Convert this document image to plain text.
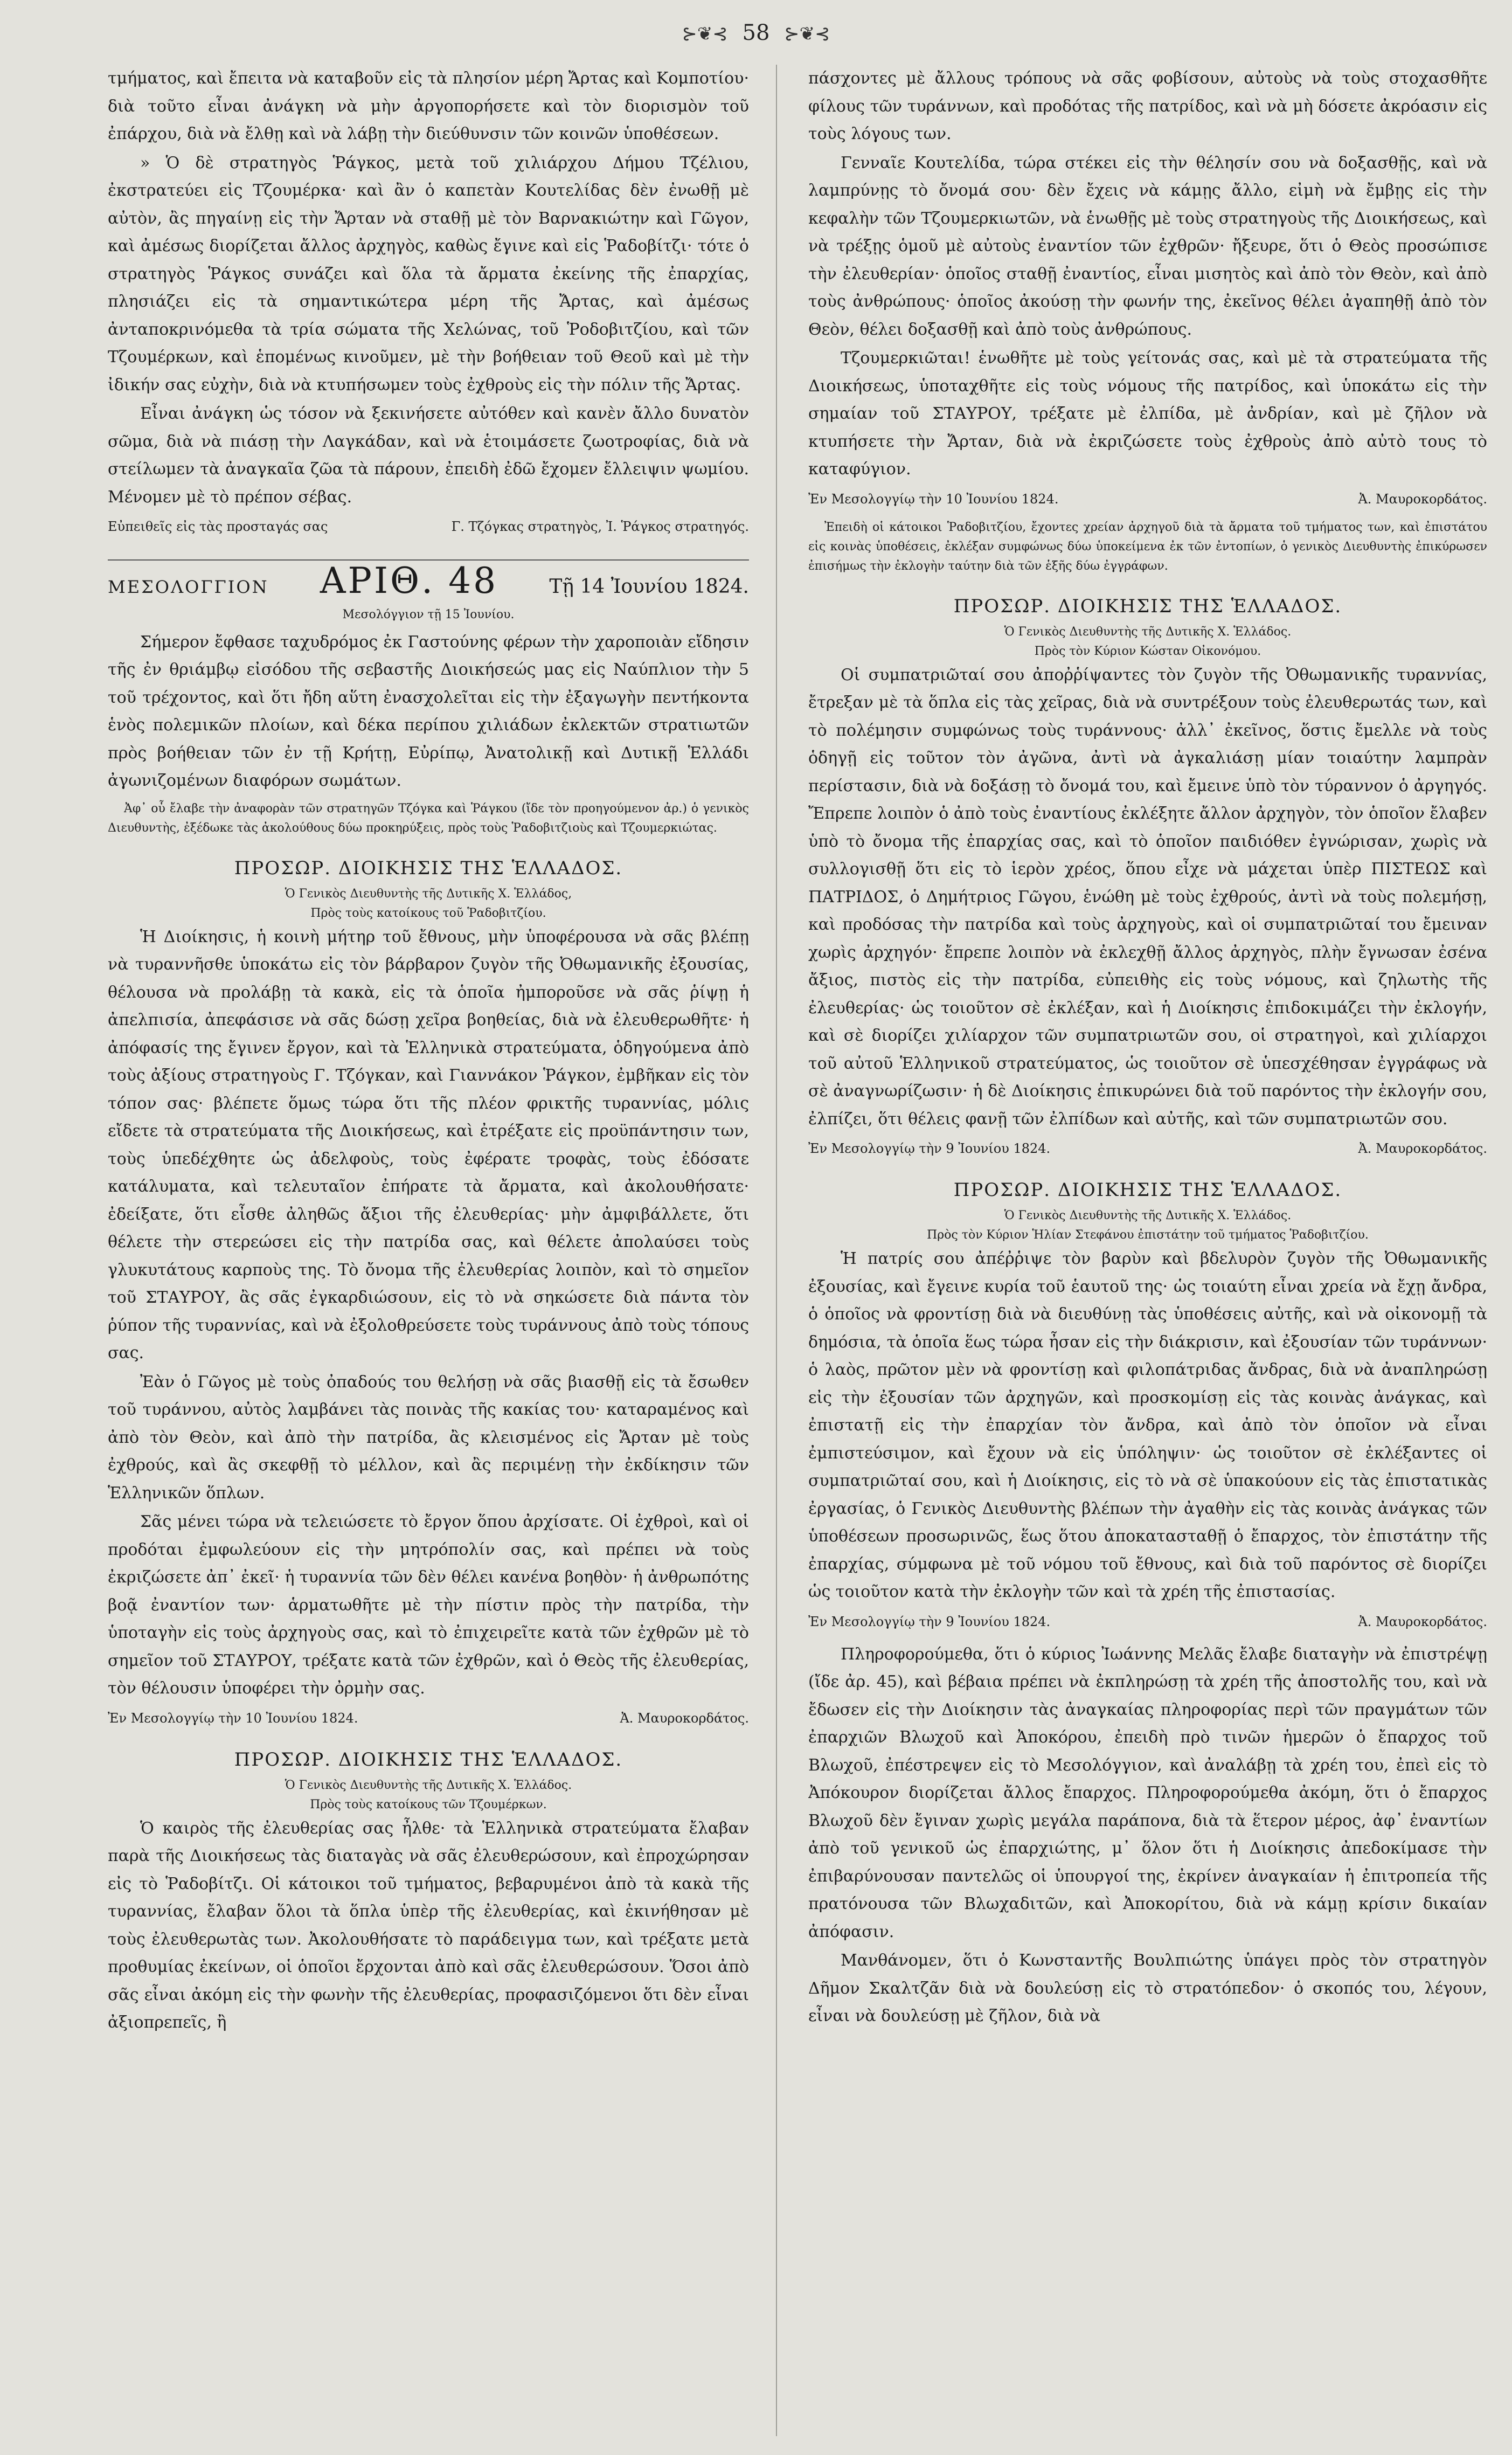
⊱❦⊰ 58 ⊱❦⊰

τμήματος, καὶ ἔπειτα νὰ καταβοῦν εἰς τὰ πλησίον μέρη Ἄρτας καὶ Κομποτίου· διὰ τοῦτο εἶναι ἀνάγκη νὰ μὴν ἀργοπορήσετε καὶ τὸν διορισμὸν τοῦ ἐπάρχου, διὰ νὰ ἔλθῃ καὶ νὰ λάβῃ τὴν διεύθυνσιν τῶν κοινῶν ὑποθέσεων.

» Ὁ δὲ στρατηγὸς Ῥάγκος, μετὰ τοῦ χιλιάρχου Δήμου Τζέλιου, ἐκστρατεύει εἰς Τζουμέρκα· καὶ ἂν ὁ καπετὰν Κουτελίδας δὲν ἐνωθῇ μὲ αὐτὸν, ἂς πηγαίνῃ εἰς τὴν Ἄρταν νὰ σταθῇ μὲ τὸν Βαρνακιώτην καὶ Γῶγον, καὶ ἀμέσως διορίζεται ἄλλος ἀρχηγὸς, καθὼς ἔγινε καὶ εἰς Ῥαδοβίτζι· τότε ὁ στρατηγὸς Ῥάγκος συνάζει καὶ ὅλα τὰ ἄρματα ἐκείνης τῆς ἐπαρχίας, πλησιάζει εἰς τὰ σημαντικώτερα μέρη τῆς Ἄρτας, καὶ ἀμέσως ἀνταποκρινόμεθα τὰ τρία σώματα τῆς Χελώνας, τοῦ Ῥοδοβιτζίου, καὶ τῶν Τζουμέρκων, καὶ ἑπομένως κινοῦμεν, μὲ τὴν βοήθειαν τοῦ Θεοῦ καὶ μὲ τὴν ἰδικήν σας εὐχὴν, διὰ νὰ κτυπήσωμεν τοὺς ἐχθροὺς εἰς τὴν πόλιν τῆς Ἄρτας.

Εἶναι ἀνάγκη ὡς τόσον νὰ ξεκινήσετε αὐτόθεν καὶ κανὲν ἄλλο δυνατὸν σῶμα, διὰ νὰ πιάσῃ τὴν Λαγκάδαν, καὶ νὰ ἑτοιμάσετε ζωοτροφίας, διὰ νὰ στείλωμεν τὰ ἀναγκαῖα ζῶα τὰ πάρουν, ἐπειδὴ ἐδῶ ἔχομεν ἔλλειψιν ψωμίου. Μένομεν μὲ τὸ πρέπον σέβας.

Εὐπειθεῖς εἰς τὰς προσταγάς σας	Γ. Τζόγκας στρατηγὸς, Ἰ. Ῥάγκος στρατηγός.
ΜΕΣΟΛΟΓΓΙΟΝ ΑΡΙΘ. 48	Τῇ 14 Ἰουνίου 1824.
Μεσολόγγιον τῇ 15 Ἰουνίου.

Σήμερον ἔφθασε ταχυδρόμος ἐκ Γαστούνης φέρων τὴν χαροποιὰν εἴδησιν τῆς ἐν θριάμβῳ εἰσόδου τῆς σεβαστῆς Διοικήσεώς μας εἰς Ναύπλιον τὴν 5 τοῦ τρέχοντος, καὶ ὅτι ἤδη αὕτη ἐνασχολεῖται εἰς τὴν ἐξαγωγὴν πεντήκοντα ἑνὸς πολεμικῶν πλοίων, καὶ δέκα περίπου χιλιάδων ἐκλεκτῶν στρατιωτῶν πρὸς βοήθειαν τῶν ἐν τῇ Κρήτῃ, Εὐρίπῳ, Ἀνατολικῇ καὶ Δυτικῇ Ἑλλάδι ἀγωνιζομένων διαφόρων σωμάτων.

Ἀφ᾽ οὗ ἔλαβε τὴν ἀναφορὰν τῶν στρατηγῶν Τζόγκα καὶ Ῥάγκου (ἴδε τὸν προηγούμενον ἀρ.) ὁ γενικὸς Διευθυντὴς, ἐξέδωκε τὰς ἀκολούθους δύω προκηρύξεις, πρὸς τοὺς Ῥαδοβιτζιοὺς καὶ Τζουμερκιώτας.
ΠΡΟΣΩΡ. ΔΙΟΙΚΗΣΙΣ ΤΗΣ ἙΛΛΑΔΟΣ.
Ὁ Γενικὸς Διευθυντὴς τῆς Δυτικῆς Χ. Ἑλλάδος,
Πρὸς τοὺς κατοίκους τοῦ Ῥαδοβιτζίου.

Ἡ Διοίκησις, ἡ κοινὴ μήτηρ τοῦ ἔθνους, μὴν ὑποφέρουσα νὰ σᾶς βλέπῃ νὰ τυραννῆσθε ὑποκάτω εἰς τὸν βάρβαρον ζυγὸν τῆς Ὀθωμανικῆς ἐξουσίας, θέλουσα νὰ προλάβῃ τὰ κακὰ, εἰς τὰ ὁποῖα ἠμποροῦσε νὰ σᾶς ῥίψῃ ἡ ἀπελπισία, ἀπεφάσισε νὰ σᾶς δώσῃ χεῖρα βοηθείας, διὰ νὰ ἐλευθερωθῆτε· ἡ ἀπόφασίς της ἔγινεν ἔργον, καὶ τὰ Ἑλληνικὰ στρατεύματα, ὁδηγούμενα ἀπὸ τοὺς ἀξίους στρατηγοὺς Γ. Τζόγκαν, καὶ Γιαννάκον Ῥάγκον, ἐμβῆκαν εἰς τὸν τόπον σας· βλέπετε ὅμως τώρα ὅτι τῆς πλέον φρικτῆς τυραννίας, μόλις εἴδετε τὰ στρατεύματα τῆς Διοικήσεως, καὶ ἐτρέξατε εἰς προϋπάντησιν των, τοὺς ὑπεδέχθητε ὡς ἀδελφοὺς, τοὺς ἐφέρατε τροφὰς, τοὺς ἐδόσατε κατάλυματα, καὶ τελευταῖον ἐπήρατε τὰ ἄρματα, καὶ ἀκολουθήσατε· ἐδείξατε, ὅτι εἶσθε ἀληθῶς ἄξιοι τῆς ἐλευθερίας· μὴν ἀμφιβάλλετε, ὅτι θέλετε τὴν στερεώσει εἰς τὴν πατρίδα σας, καὶ θέλετε ἀπολαύσει τοὺς γλυκυτάτους καρποὺς της. Τὸ ὄνομα τῆς ἐλευθερίας λοιπὸν, καὶ τὸ σημεῖον τοῦ ΣΤΑΥΡΟΥ, ἂς σᾶς ἐγκαρδιώσουν, εἰς τὸ νὰ σηκώσετε διὰ πάντα τὸν ῥύπον τῆς τυραννίας, καὶ νὰ ἐξολοθρεύσετε τοὺς τυράννους ἀπὸ τοὺς τόπους σας.

Ἐὰν ὁ Γῶγος μὲ τοὺς ὀπαδούς του θελήσῃ νὰ σᾶς βιασθῇ εἰς τὰ ἔσωθεν τοῦ τυράννου, αὐτὸς λαμβάνει τὰς ποινὰς τῆς κακίας του· καταραμένος καὶ ἀπὸ τὸν Θεὸν, καὶ ἀπὸ τὴν πατρίδα, ἂς κλεισμένος εἰς Ἄρταν μὲ τοὺς ἐχθρούς, καὶ ἂς σκεφθῇ τὸ μέλλον, καὶ ἂς περιμένῃ τὴν ἐκδίκησιν τῶν Ἑλληνικῶν ὅπλων.

Σᾶς μένει τώρα νὰ τελειώσετε τὸ ἔργον ὅπου ἀρχίσατε. Οἱ ἐχθροὶ, καὶ οἱ προδόται ἐμφωλεύουν εἰς τὴν μητρόπολίν σας, καὶ πρέπει νὰ τοὺς ἐκριζώσετε ἀπ᾽ ἐκεῖ· ἡ τυραννία τῶν δὲν θέλει κανένα βοηθὸν· ἡ ἀνθρωπότης βοᾷ ἐναντίον των· ἁρματωθῆτε μὲ τὴν πίστιν πρὸς τὴν πατρίδα, τὴν ὑποταγὴν εἰς τοὺς ἀρχηγοὺς σας, καὶ τὸ ἐπιχειρεῖτε κατὰ τῶν ἐχθρῶν μὲ τὸ σημεῖον τοῦ ΣΤΑΥΡΟΥ, τρέξατε κατὰ τῶν ἐχθρῶν, καὶ ὁ Θεὸς τῆς ἐλευθερίας, τὸν θέλουσιν ὑποφέρει τὴν ὀρμὴν σας.

Ἐν Μεσολογγίῳ τὴν 10 Ἰουνίου 1824.	Ἀ. Μαυροκορδάτος.
ΠΡΟΣΩΡ. ΔΙΟΙΚΗΣΙΣ ΤΗΣ ἙΛΛΑΔΟΣ.
Ὁ Γενικὸς Διευθυντὴς τῆς Δυτικῆς Χ. Ἑλλάδος.
Πρὸς τοὺς κατοίκους τῶν Τζουμέρκων.

Ὁ καιρὸς τῆς ἐλευθερίας σας ἦλθε· τὰ Ἑλληνικὰ στρατεύματα ἔλαβαν παρὰ τῆς Διοικήσεως τὰς διαταγὰς νὰ σᾶς ἐλευθερώσουν, καὶ ἐπροχώρησαν εἰς τὸ Ῥαδοβίτζι. Οἱ κάτοικοι τοῦ τμήματος, βεβαρυμένοι ἀπὸ τὰ κακὰ τῆς τυραννίας, ἔλαβαν ὅλοι τὰ ὅπλα ὑπὲρ τῆς ἐλευθερίας, καὶ ἐκινήθησαν μὲ τοὺς ἐλευθερωτὰς των. Ἀκολουθήσατε τὸ παράδειγμα των, καὶ τρέξατε μετὰ προθυμίας ἐκείνων, οἱ ὁποῖοι ἔρχονται ἀπὸ καὶ σᾶς ἐλευθερώσουν. Ὅσοι ἀπὸ σᾶς εἶναι ἀκόμη εἰς τὴν φωνὴν τῆς ἐλευθερίας, προφασιζόμενοι ὅτι δὲν εἶναι ἀξιοπρεπεῖς, ἢ

πάσχοντες μὲ ἄλλους τρόπους νὰ σᾶς φοβίσουν, αὐτοὺς νὰ τοὺς στοχασθῆτε φίλους τῶν τυράννων, καὶ προδότας τῆς πατρίδος, καὶ νὰ μὴ δόσετε ἀκρόασιν εἰς τοὺς λόγους των.

Γενναῖε Κουτελίδα, τώρα στέκει εἰς τὴν θέλησίν σου νὰ δοξασθῇς, καὶ νὰ λαμπρύνῃς τὸ ὄνομά σου· δὲν ἔχεις νὰ κάμῃς ἄλλο, εἰμὴ νὰ ἔμβῃς εἰς τὴν κεφαλὴν τῶν Τζουμερκιωτῶν, νὰ ἑνωθῇς μὲ τοὺς στρατηγοὺς τῆς Διοικήσεως, καὶ νὰ τρέξῃς ὁμοῦ μὲ αὐτοὺς ἐναντίον τῶν ἐχθρῶν· ἤξευρε, ὅτι ὁ Θεὸς προσώπισε τὴν ἐλευθερίαν· ὁποῖος σταθῇ ἐναντίος, εἶναι μισητὸς καὶ ἀπὸ τὸν Θεὸν, καὶ ἀπὸ τοὺς ἀνθρώπους· ὁποῖος ἀκούσῃ τὴν φωνήν της, ἐκεῖνος θέλει ἀγαπηθῇ ἀπὸ τὸν Θεὸν, θέλει δοξασθῇ καὶ ἀπὸ τοὺς ἀνθρώπους.

Τζουμερκιῶται! ἑνωθῆτε μὲ τοὺς γείτονάς σας, καὶ μὲ τὰ στρατεύματα τῆς Διοικήσεως, ὑποταχθῆτε εἰς τοὺς νόμους τῆς πατρίδος, καὶ ὑποκάτω εἰς τὴν σημαίαν τοῦ ΣΤΑΥΡΟΥ, τρέξατε μὲ ἐλπίδα, μὲ ἀνδρίαν, καὶ μὲ ζῆλον νὰ κτυπήσετε τὴν Ἄρταν, διὰ νὰ ἐκριζώσετε τοὺς ἐχθροὺς ἀπὸ αὐτὸ τους τὸ καταφύγιον.

Ἐν Μεσολογγίῳ τὴν 10 Ἰουνίου 1824.	Ἀ. Μαυροκορδάτος.
Ἐπειδὴ οἱ κάτοικοι Ῥαδοβιτζίου, ἔχοντες χρείαν ἀρχηγοῦ διὰ τὰ ἄρματα τοῦ τμήματος των, καὶ ἐπιστάτου εἰς κοινὰς ὑποθέσεις, ἐκλέξαν συμφώνως δύω ὑποκείμενα ἐκ τῶν ἐντοπίων, ὁ γενικὸς Διευθυντὴς ἐπικύρωσεν ἐπισήμως τὴν ἐκλογὴν ταύτην διὰ τῶν ἑξῆς δύω ἐγγράφων.
ΠΡΟΣΩΡ. ΔΙΟΙΚΗΣΙΣ ΤΗΣ ἙΛΛΑΔΟΣ.
Ὁ Γενικὸς Διευθυντὴς τῆς Δυτικῆς Χ. Ἑλλάδος.
Πρὸς τὸν Κύριον Κώσταν Οἰκονόμου.

Οἱ συμπατριῶταί σου ἀποῤῥίψαντες τὸν ζυγὸν τῆς Ὀθωμανικῆς τυραννίας, ἔτρεξαν μὲ τὰ ὅπλα εἰς τὰς χεῖρας, διὰ νὰ συντρέξουν τοὺς ἐλευθερωτάς των, καὶ τὸ πολέμησιν συμφώνως τοὺς τυράννους· ἀλλ᾽ ἐκεῖνος, ὅστις ἔμελλε νὰ τοὺς ὁδηγῇ εἰς τοῦτον τὸν ἀγῶνα, ἀντὶ νὰ ἀγκαλιάσῃ μίαν τοιαύτην λαμπρὰν περίστασιν, διὰ νὰ δοξάσῃ τὸ ὄνομά του, καὶ ἔμεινε ὑπὸ τὸν τύραννον ὁ ἀργηγός. Ἔπρεπε λοιπὸν ὁ ἀπὸ τοὺς ἐναντίους ἐκλέξητε ἄλλον ἀρχηγὸν, τὸν ὁποῖον ἔλαβεν ὑπὸ τὸ ὄνομα τῆς ἐπαρχίας σας, καὶ τὸ ὁποῖον παιδιόθεν ἐγνώρισαν, χωρὶς νὰ συλλογισθῇ ὅτι εἰς τὸ ἱερὸν χρέος, ὅπου εἶχε νὰ μάχεται ὑπὲρ ΠΙΣΤΕΩΣ καὶ ΠΑΤΡΙΔΟΣ, ὁ Δημήτριος Γῶγου, ἑνώθη μὲ τοὺς ἐχθρούς, ἀντὶ νὰ τοὺς πολεμήσῃ, καὶ προδόσας τὴν πατρίδα καὶ τοὺς ἀρχηγοὺς, καὶ οἱ συμπατριῶταί του ἔμειναν χωρὶς ἀρχηγόν· ἔπρεπε λοιπὸν νὰ ἐκλεχθῇ ἄλλος ἀρχηγὸς, πλὴν ἔγνωσαν ἐσένα ἄξιος, πιστὸς εἰς τὴν πατρίδα, εὐπειθὴς εἰς τοὺς νόμους, καὶ ζηλωτὴς τῆς ἐλευθερίας· ὡς τοιοῦτον σὲ ἐκλέξαν, καὶ ἡ Διοίκησις ἐπιδοκιμάζει τὴν ἐκλογήν, καὶ σὲ διορίζει χιλίαρχον τῶν συμπατριωτῶν σου, οἱ στρατηγοὶ, καὶ χιλίαρχοι τοῦ αὐτοῦ Ἑλληνικοῦ στρατεύματος, ὡς τοιοῦτον σὲ ὑπεσχέθησαν ἐγγράφως νὰ σὲ ἀναγνωρίζωσιν· ἡ δὲ Διοίκησις ἐπικυρώνει διὰ τοῦ παρόντος τὴν ἐκλογήν σου, ἐλπίζει, ὅτι θέλεις φανῇ τῶν ἐλπίδων καὶ αὐτῆς, καὶ τῶν συμπατριωτῶν σου.

Ἐν Μεσολογγίῳ τὴν 9 Ἰουνίου 1824.	Ἀ. Μαυροκορδάτος.
ΠΡΟΣΩΡ. ΔΙΟΙΚΗΣΙΣ ΤΗΣ ἙΛΛΑΔΟΣ.
Ὁ Γενικὸς Διευθυντὴς τῆς Δυτικῆς Χ. Ἑλλάδος.
Πρὸς τὸν Κύριον Ἡλίαν Στεφάνου ἐπιστάτην τοῦ τμήματος Ῥαδοβιτζίου.

Ἡ πατρίς σου ἀπέῤῥιψε τὸν βαρὺν καὶ βδελυρὸν ζυγὸν τῆς Ὀθωμανικῆς ἐξουσίας, καὶ ἔγεινε κυρία τοῦ ἑαυτοῦ της· ὡς τοιαύτη εἶναι χρεία νὰ ἔχῃ ἄνδρα, ὁ ὁποῖος νὰ φροντίσῃ διὰ νὰ διευθύνῃ τὰς ὑποθέσεις αὐτῆς, καὶ νὰ οἰκονομῇ τὰ δημόσια, τὰ ὁποῖα ἕως τώρα ἦσαν εἰς τὴν διάκρισιν, καὶ ἐξουσίαν τῶν τυράννων· ὁ λαὸς, πρῶτον μὲν νὰ φροντίσῃ καὶ φιλοπάτριδας ἄνδρας, διὰ νὰ ἀναπληρώσῃ εἰς τὴν ἐξουσίαν τῶν ἀρχηγῶν, καὶ προσκομίσῃ εἰς τὰς κοινὰς ἀνάγκας, καὶ ἐπιστατῇ εἰς τὴν ἐπαρχίαν τὸν ἄνδρα, καὶ ἀπὸ τὸν ὁποῖον νὰ εἶναι ἐμπιστεύσιμον, καὶ ἔχουν νὰ εἰς ὑπόληψιν· ὡς τοιοῦτον σὲ ἐκλέξαντες οἱ συμπατριῶταί σου, καὶ ἡ Διοίκησις, εἰς τὸ νὰ σὲ ὑπακούουν εἰς τὰς ἐπιστατικὰς ἐργασίας, ὁ Γενικὸς Διευθυντὴς βλέπων τὴν ἀγαθὴν εἰς τὰς κοινὰς ἀνάγκας τῶν ὑποθέσεων προσωρινῶς, ἕως ὅτου ἀποκατασταθῇ ὁ ἔπαρχος, τὸν ἐπιστάτην τῆς ἐπαρχίας, σύμφωνα μὲ τοῦ νόμου τοῦ ἔθνους, καὶ διὰ τοῦ παρόντος σὲ διορίζει ὡς τοιοῦτον κατὰ τὴν ἐκλογὴν τῶν καὶ τὰ χρέη τῆς ἐπιστασίας.

Ἐν Μεσολογγίῳ τὴν 9 Ἰουνίου 1824.	Ἀ. Μαυροκορδάτος.

Πληροφορούμεθα, ὅτι ὁ κύριος Ἰωάννης Μελᾶς ἔλαβε διαταγὴν νὰ ἐπιστρέψῃ (ἴδε ἀρ. 45), καὶ βέβαια πρέπει νὰ ἐκπληρώσῃ τὰ χρέη τῆς ἀποστολῆς του, καὶ νὰ ἔδωσεν εἰς τὴν Διοίκησιν τὰς ἀναγκαίας πληροφορίας περὶ τῶν πραγμάτων τῶν ἐπαρχιῶν Βλωχοῦ καὶ Ἀποκόρου, ἐπειδὴ πρὸ τινῶν ἡμερῶν ὁ ἔπαρχος τοῦ Βλωχοῦ, ἐπέστρεψεν εἰς τὸ Μεσολόγγιον, καὶ ἀναλάβῃ τὰ χρέη του, ἐπεὶ εἰς τὸ Ἀπόκουρον διορίζεται ἄλλος ἔπαρχος. Πληροφορούμεθα ἀκόμη, ὅτι ὁ ἔπαρχος Βλωχοῦ δὲν ἔγιναν χωρὶς μεγάλα παράπονα, διὰ τὰ ἕτερον μέρος, ἀφ᾽ ἐναντίων ἀπὸ τοῦ γενικοῦ ὡς ἐπαρχιώτης, μ᾽ ὅλον ὅτι ἡ Διοίκησις ἀπεδοκίμασε τὴν ἐπιβαρύνουσαν παντελῶς οἱ ὑπουργοί της, ἐκρίνεν ἀναγκαίαν ἡ ἐπιτροπεία τῆς πρατόνουσα τῶν Βλωχαδιτῶν, καὶ Ἀποκορίτου, διὰ νὰ κάμῃ κρίσιν δικαίαν ἀπόφασιν.

Μανθάνομεν, ὅτι ὁ Κωνσταντῆς Βουλπιώτης ὑπάγει πρὸς τὸν στρατηγὸν Δῆμον Σκαλτζᾶν διὰ νὰ δουλεύσῃ εἰς τὸ στρατόπεδον· ὁ σκοπός του, λέγουν, εἶναι νὰ δουλεύσῃ μὲ ζῆλον, διὰ νὰ
